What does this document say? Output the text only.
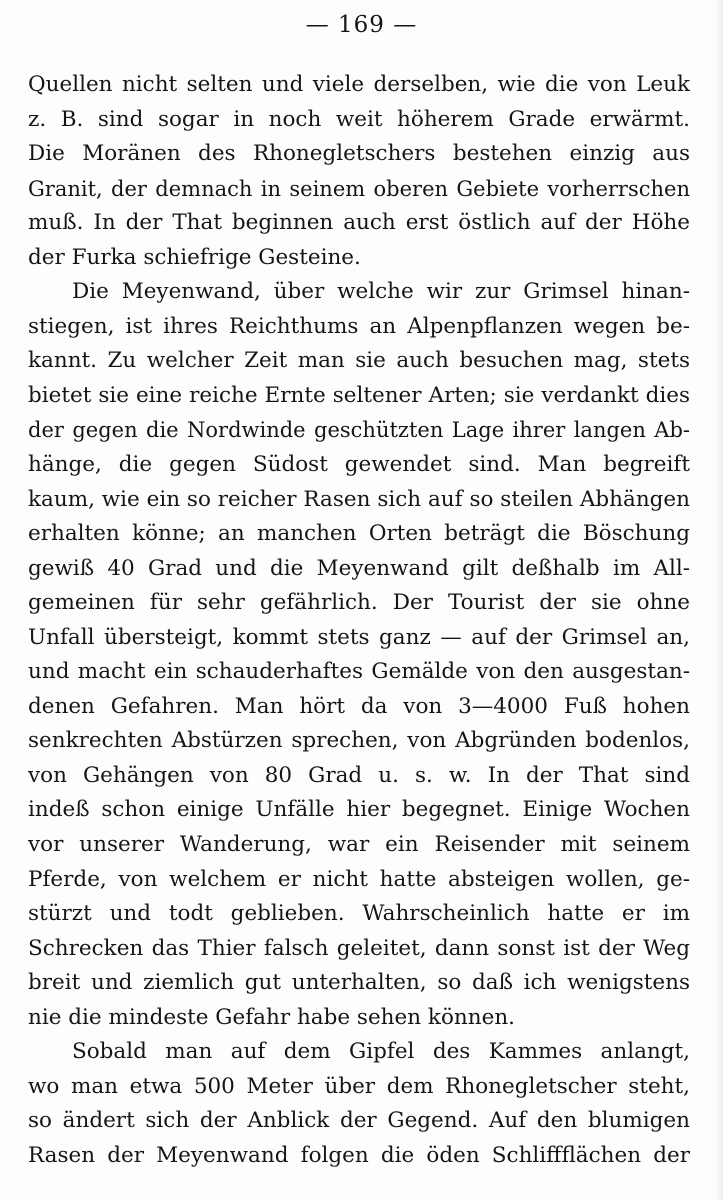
— 169 —
Quellen nicht selten und viele derselben, wie die von Leuk
z. B. sind sogar in noch weit höherem Grade erwärmt.
Die Moränen des Rhonegletschers bestehen einzig aus
Granit, der demnach in seinem oberen Gebiete vorherrschen
muß. In der That beginnen auch erst östlich auf der Höhe
der Furka schiefrige Gesteine.
Die Meyenwand, über welche wir zur Grimsel hinan-
stiegen, ist ihres Reichthums an Alpenpflanzen wegen be-
kannt. Zu welcher Zeit man sie auch besuchen mag, stets
bietet sie eine reiche Ernte seltener Arten; sie verdankt dies
der gegen die Nordwinde geschützten Lage ihrer langen Ab-
hänge, die gegen Südost gewendet sind. Man begreift
kaum, wie ein so reicher Rasen sich auf so steilen Abhängen
erhalten könne; an manchen Orten beträgt die Böschung
gewiß 40 Grad und die Meyenwand gilt deßhalb im All-
gemeinen für sehr gefährlich. Der Tourist der sie ohne
Unfall übersteigt, kommt stets ganz — auf der Grimsel an,
und macht ein schauderhaftes Gemälde von den ausgestan-
denen Gefahren. Man hört da von 3—4000 Fuß hohen
senkrechten Abstürzen sprechen, von Abgründen bodenlos,
von Gehängen von 80 Grad u. s. w. In der That sind
indeß schon einige Unfälle hier begegnet. Einige Wochen
vor unserer Wanderung, war ein Reisender mit seinem
Pferde, von welchem er nicht hatte absteigen wollen, ge-
stürzt und todt geblieben. Wahrscheinlich hatte er im
Schrecken das Thier falsch geleitet, dann sonst ist der Weg
breit und ziemlich gut unterhalten, so daß ich wenigstens
nie die mindeste Gefahr habe sehen können.
Sobald man auf dem Gipfel des Kammes anlangt,
wo man etwa 500 Meter über dem Rhonegletscher steht,
so ändert sich der Anblick der Gegend. Auf den blumigen
Rasen der Meyenwand folgen die öden Schliffflächen der
